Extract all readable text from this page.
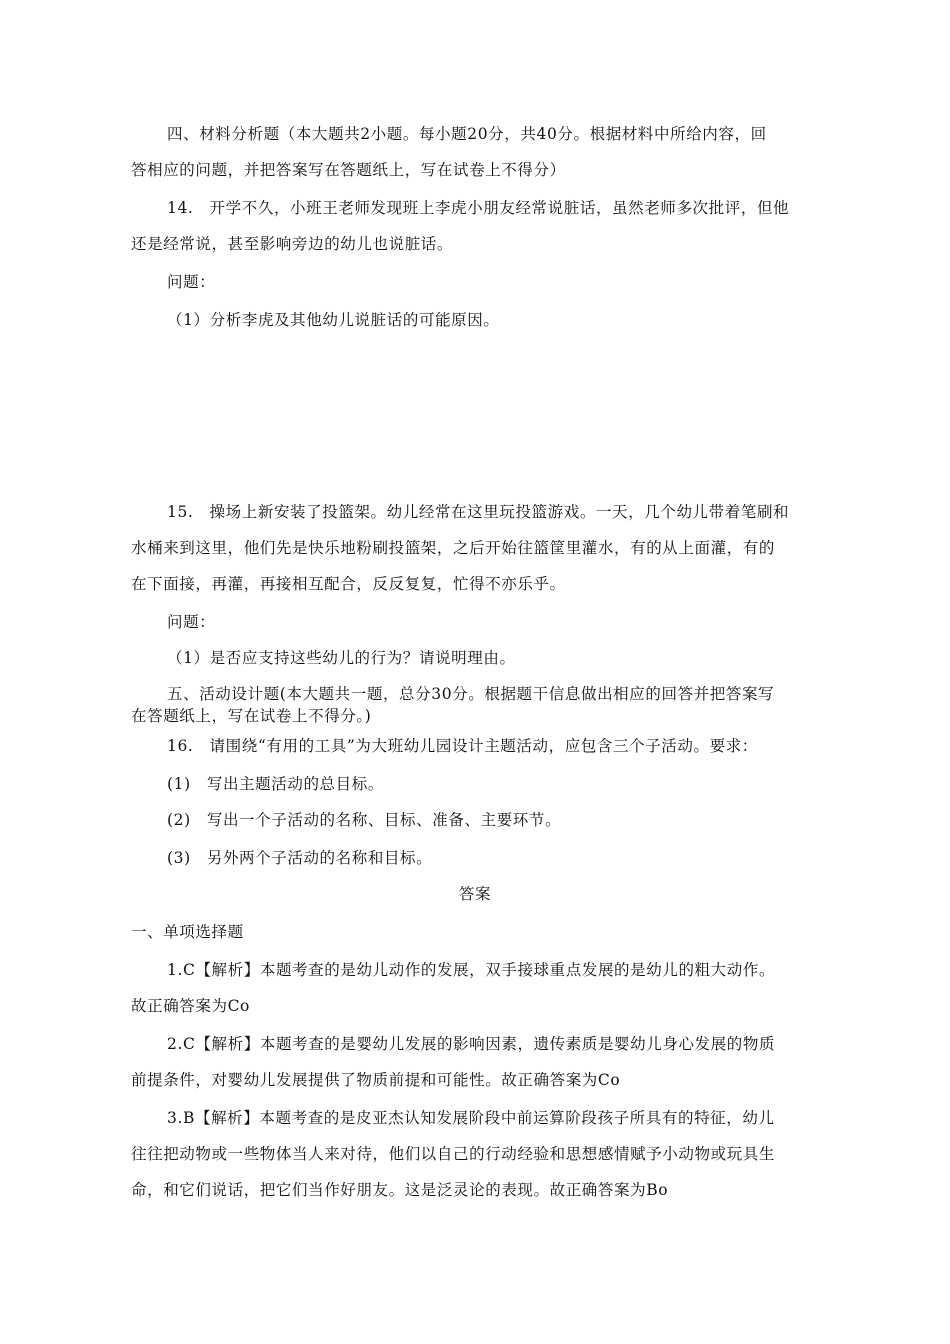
四、材料分析题（本大题共2小题。每小题20分，共40分。根据材料中所给内容，回
答相应的问题，并把答案写在答题纸上，写在试卷上不得分）
14.　开学不久，小班王老师发现班上李虎小朋友经常说脏话，虽然老师多次批评，但他
还是经常说，甚至影响旁边的幼儿也说脏话。
问题：
（1）分析李虎及其他幼儿说脏话的可能原因。
15.　操场上新安装了投篮架。幼儿经常在这里玩投篮游戏。一天，几个幼儿带着笔刷和
水桶来到这里，他们先是快乐地粉刷投篮架，之后开始往篮筐里灌水，有的从上面灌，有的
在下面接，再灌，再接相互配合，反反复复，忙得不亦乐乎。
问题：
（1）是否应支持这些幼儿的行为？请说明理由。
五、活动设计题(本大题共一题，总分30分。根据题干信息做出相应的回答并把答案写
在答题纸上，写在试卷上不得分。)
16.　请围绕“有用的工具”为大班幼儿园设计主题活动，应包含三个子活动。要求：
(1)　写出主题活动的总目标。
(2)　写出一个子活动的名称、目标、准备、主要环节。
(3)　另外两个子活动的名称和目标。
答案
一、单项选择题
1.C【解析】本题考查的是幼儿动作的发展，双手接球重点发展的是幼儿的粗大动作。
故正确答案为Co
2.C【解析】本题考查的是婴幼儿发展的影响因素，遗传素质是婴幼儿身心发展的物质
前提条件，对婴幼儿发展提供了物质前提和可能性。故正确答案为Co
3.B【解析】本题考查的是皮亚杰认知发展阶段中前运算阶段孩子所具有的特征，幼儿
往往把动物或一些物体当人来对待，他们以自己的行动经验和思想感情赋予小动物或玩具生
命，和它们说话，把它们当作好朋友。这是泛灵论的表现。故正确答案为Bo
